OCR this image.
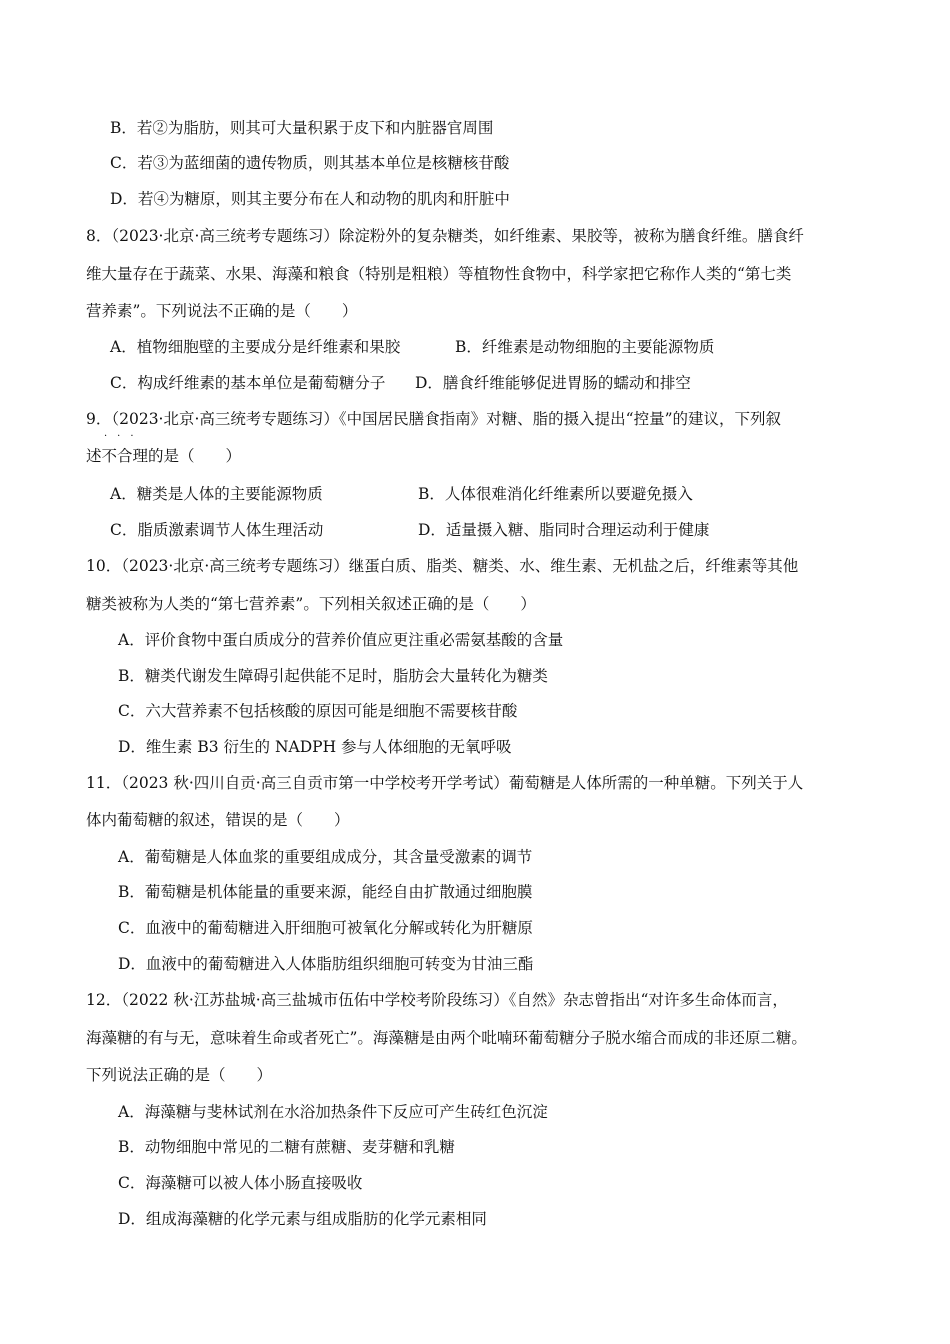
B．若②为脂肪，则其可大量积累于皮下和内脏器官周围
C．若③为蓝细菌的遗传物质，则其基本单位是核糖核苷酸
D．若④为糖原，则其主要分布在人和动物的肌肉和肝脏中
8．（2023·北京·高三统考专题练习）除淀粉外的复杂糖类，如纤维素、果胶等，被称为膳食纤维。膳食纤
维大量存在于蔬菜、水果、海藻和粮食（特别是粗粮）等植物性食物中，科学家把它称作人类的“第七类
营养素”。下列说法不正确的是（　　）
A．植物细胞壁的主要成分是纤维素和果胶	B．纤维素是动物细胞的主要能源物质
C．构成纤维素的基本单位是葡萄糖分子 D．膳食纤维能够促进胃肠的蠕动和排空
9．（2023·北京·高三统考专题练习）《中国居民膳食指南》对糖、脂的摄入提出“控量”的建议，下列叙
···
述不合理的是（　　）
A．糖类是人体的主要能源物质	B．人体很难消化纤维素所以要避免摄入
C．脂质激素调节人体生理活动	D．适量摄入糖、脂同时合理运动利于健康
10．（2023·北京·高三统考专题练习）继蛋白质、脂类、糖类、水、维生素、无机盐之后，纤维素等其他
糖类被称为人类的“第七营养素”。下列相关叙述正确的是（　　）
A．评价食物中蛋白质成分的营养价值应更注重必需氨基酸的含量
B．糖类代谢发生障碍引起供能不足时，脂肪会大量转化为糖类
C．六大营养素不包括核酸的原因可能是细胞不需要核苷酸
D．维生素 B3 衍生的 NADPH 参与人体细胞的无氧呼吸
11．（2023 秋·四川自贡·高三自贡市第一中学校考开学考试）葡萄糖是人体所需的一种单糖。下列关于人
体内葡萄糖的叙述，错误的是（　　）
A．葡萄糖是人体血浆的重要组成成分，其含量受激素的调节
B．葡萄糖是机体能量的重要来源，能经自由扩散通过细胞膜
C．血液中的葡萄糖进入肝细胞可被氧化分解或转化为肝糖原
D．血液中的葡萄糖进入人体脂肪组织细胞可转变为甘油三酯
12．（2022 秋·江苏盐城·高三盐城市伍佑中学校考阶段练习）《自然》杂志曾指出“对许多生命体而言，
海藻糖的有与无，意味着生命或者死亡”。海藻糖是由两个吡喃环葡萄糖分子脱水缩合而成的非还原二糖。
下列说法正确的是（　　）
A．海藻糖与斐林试剂在水浴加热条件下反应可产生砖红色沉淀
B．动物细胞中常见的二糖有蔗糖、麦芽糖和乳糖
C．海藻糖可以被人体小肠直接吸收
D．组成海藻糖的化学元素与组成脂肪的化学元素相同
